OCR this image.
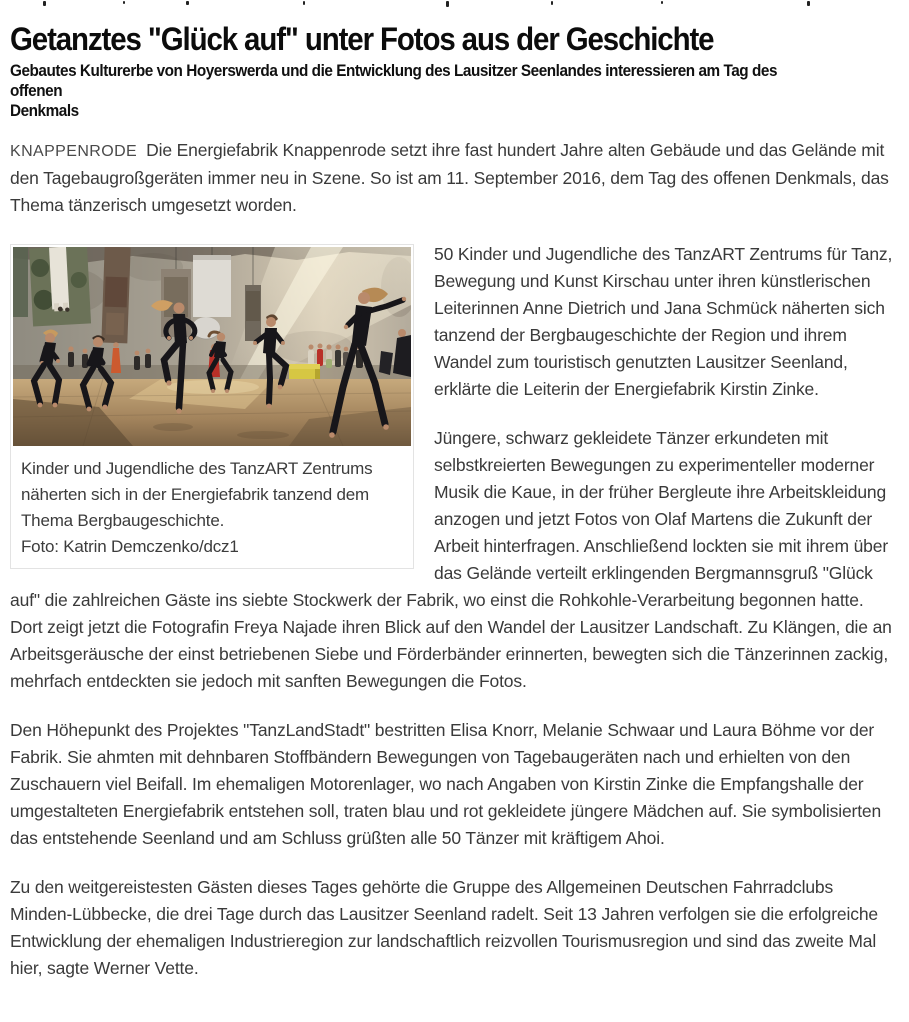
Getanztes "Glück auf" unter Fotos aus der Geschichte
Gebautes Kulturerbe von Hoyerswerda und die Entwicklung des Lausitzer Seenlandes interessieren am Tag des offenen
Denkmals

KNAPPENRODE Die Energiefabrik Knappenrode setzt ihre fast hundert Jahre alten Gebäude und das Gelände mit den Tagebaugroßgeräten immer neu in Szene. So ist am 11. September 2016, dem Tag des offenen Denkmals, das Thema tänzerisch umgesetzt worden.

Kinder und Jugendliche des TanzART Zentrums näherten sich in der Energiefabrik tanzend dem Thema Bergbaugeschichte.
Foto: Katrin Demczenko/dcz1

50 Kinder und Jugendliche des TanzART Zentrums für Tanz, Bewegung und Kunst Kirschau unter ihren künstlerischen Leiterinnen Anne Dietrich und Jana Schmück näherten sich tanzend der Bergbaugeschichte der Region und ihrem Wandel zum touristisch genutzten Lausitzer Seenland, erklärte die Leiterin der Energiefabrik Kirstin Zinke.

Jüngere, schwarz gekleidete Tänzer erkundeten mit selbstkreierten Bewegungen zu experimenteller moderner Musik die Kaue, in der früher Bergleute ihre Arbeitskleidung anzogen und jetzt Fotos von Olaf Martens die Zukunft der Arbeit hinterfragen. Anschließend lockten sie mit ihrem über das Gelände verteilt erklingenden Bergmannsgruß "Glück auf" die zahlreichen Gäste ins siebte Stockwerk der Fabrik, wo einst die Rohkohle-Verarbeitung begonnen hatte. Dort zeigt jetzt die Fotografin Freya Najade ihren Blick auf den Wandel der Lausitzer Landschaft. Zu Klängen, die an Arbeitsgeräusche der einst betriebenen Siebe und Förderbänder erinnerten, bewegten sich die Tänzerinnen zackig, mehrfach entdeckten sie jedoch mit sanften Bewegungen die Fotos.

Den Höhepunkt des Projektes "TanzLandStadt" bestritten Elisa Knorr, Melanie Schwaar und Laura Böhme vor der Fabrik. Sie ahmten mit dehnbaren Stoffbändern Bewegungen von Tagebaugeräten nach und erhielten von den Zuschauern viel Beifall. Im ehemaligen Motorenlager, wo nach Angaben von Kirstin Zinke die Empfangshalle der umgestalteten Energiefabrik entstehen soll, traten blau und rot gekleidete jüngere Mädchen auf. Sie symbolisierten das entstehende Seenland und am Schluss grüßten alle 50 Tänzer mit kräftigem Ahoi.

Zu den weitgereistesten Gästen dieses Tages gehörte die Gruppe des Allgemeinen Deutschen Fahrradclubs Minden-Lübbecke, die drei Tage durch das Lausitzer Seenland radelt. Seit 13 Jahren verfolgen sie die erfolgreiche Entwicklung der ehemaligen Industrieregion zur landschaftlich reizvollen Tourismusregion und sind das zweite Mal hier, sagte Werner Vette.
